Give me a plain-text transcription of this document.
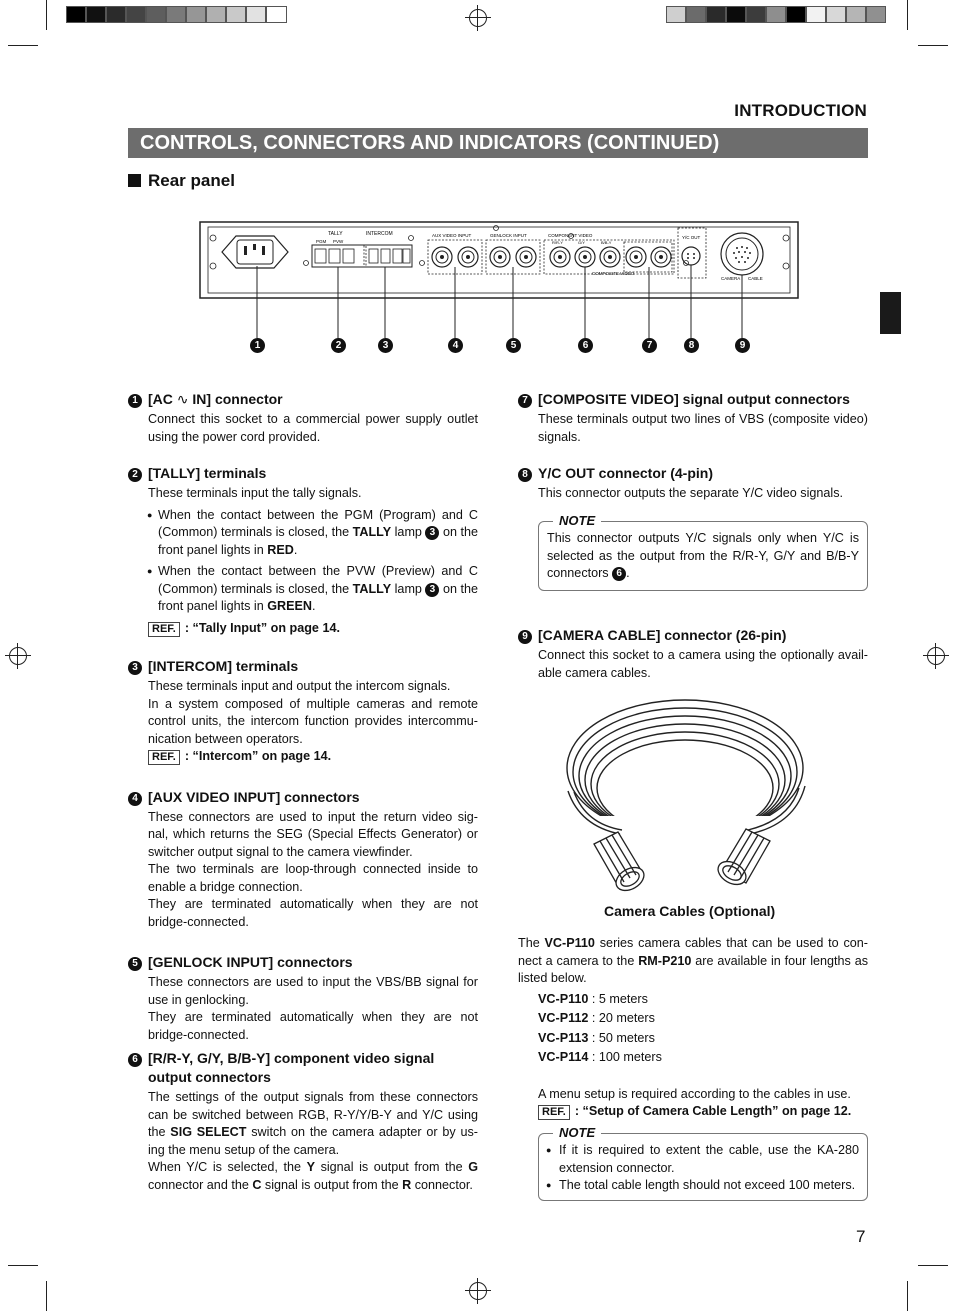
INTRODUCTION
CONTROLS, CONNECTORS AND INDICATORS (CONTINUED)
Rear panel
TALLY	INTERCOM
PGM PVW
AUX VIDEO INPUT	GENLOCK INPUT	COMPONENT VIDEO
COMPOSITE VIDEO
R/R-Y	G/Y	B/B-Y
Y/C OUT
CAMERA CABLE
1	2	3	4	5	6	7	8	9
1 [AC ∿ IN] connector
Connect this socket to a commercial power supply outlet using the power cord provided.
2 [TALLY] terminals
These terminals input the tally signals.
● When the contact between the PGM (Program) and C (Common) terminals is closed, the TALLY lamp 3 on the front panel lights in RED.
● When the contact between the PVW (Preview) and C (Common) terminals is closed, the TALLY lamp 3 on the front panel lights in GREEN.
REF. : “Tally Input” on page 14.
3 [INTERCOM] terminals
These terminals input and output the intercom signals.
In a system composed of multiple cameras and remote control units, the intercom function provides intercommu-nication between operators.
REF. : “Intercom” on page 14.
4 [AUX VIDEO INPUT] connectors
These connectors are used to input the return video sig-nal, which returns the SEG (Special Effects Generator) or switcher output signal to the camera viewfinder.
The two terminals are loop-through connected inside to enable a bridge connection.
They are terminated automatically when they are not bridge-connected.
5 [GENLOCK INPUT] connectors
These connectors are used to input the VBS/BB signal for use in genlocking.
They are terminated automatically when they are not bridge-connected.
6 [R/R-Y, G/Y, B/B-Y] component video signal output connectors
The settings of the output signals from these connectors can be switched between RGB, R-Y/Y/B-Y and Y/C using the SIG SELECT switch on the camera adapter or by us-ing the menu setup of the camera.
When Y/C is selected, the Y signal is output from the G connector and the C signal is output from the R connector.
7 [COMPOSITE VIDEO] signal output connectors
These terminals output two lines of VBS (composite video) signals.
8 Y/C OUT connector (4-pin)
This connector outputs the separate Y/C video signals.
NOTE
This connector outputs Y/C signals only when Y/C is selected as the output from the R/R-Y, G/Y and B/B-Y connectors 6 .
9 [CAMERA CABLE] connector (26-pin)
Connect this socket to a camera using the optionally avail-able camera cables.
Camera Cables (Optional)
The VC-P110 series camera cables that can be used to con-nect a camera to the RM-P210 are available in four lengths as listed below.
VC-P110 : 5 meters
VC-P112 : 20 meters
VC-P113 : 50 meters
VC-P114 : 100 meters
A menu setup is required according to the cables in use.
REF. : “Setup of Camera Cable Length” on page 12.
NOTE
● If it is required to extent the cable, use the KA-280 extension connector.
● The total cable length should not exceed 100 meters.
7
